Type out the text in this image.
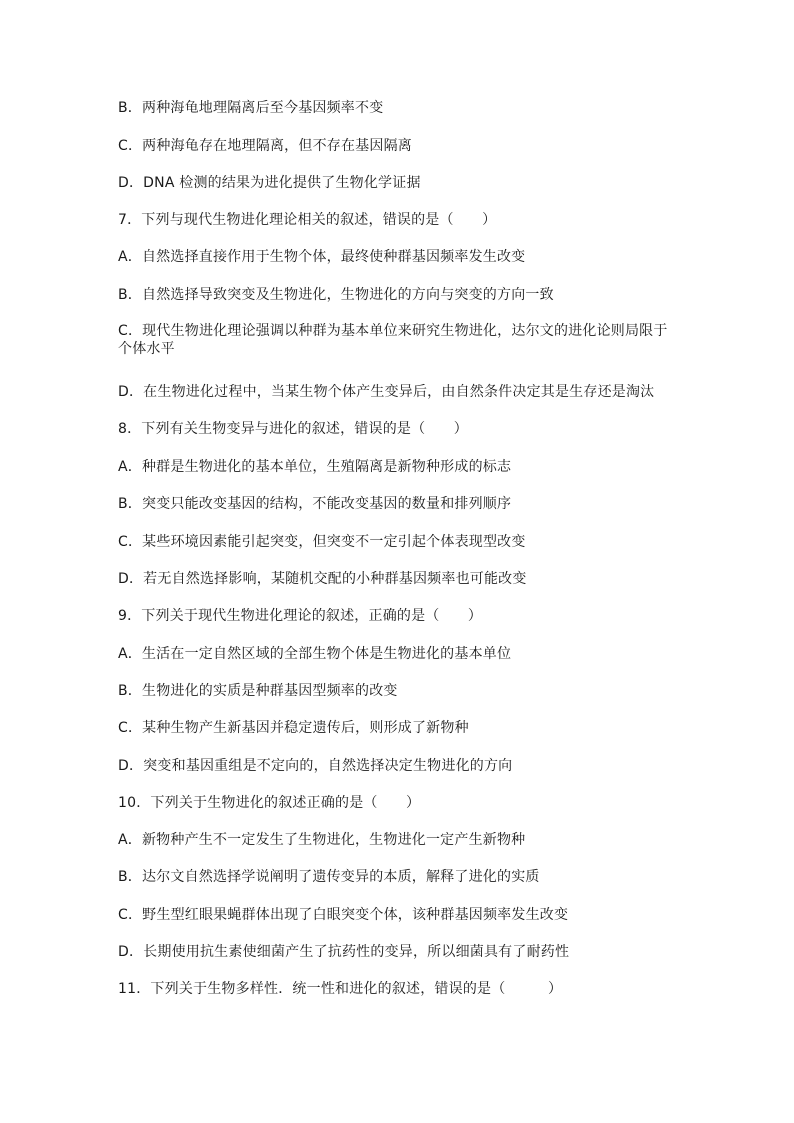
B．两种海龟地理隔离后至今基因频率不变
C．两种海龟存在地理隔离，但不存在基因隔离
D．DNA 检测的结果为进化提供了生物化学证据
7．下列与现代生物进化理论相关的叙述，错误的是（　　）
A．自然选择直接作用于生物个体，最终使种群基因频率发生改变
B．自然选择导致突变及生物进化，生物进化的方向与突变的方向一致
C．现代生物进化理论强调以种群为基本单位来研究生物进化，达尔文的进化论则局限于个体水平
D．在生物进化过程中，当某生物个体产生变异后，由自然条件决定其是生存还是淘汰
8．下列有关生物变异与进化的叙述，错误的是（　　）
A．种群是生物进化的基本单位，生殖隔离是新物种形成的标志
B．突变只能改变基因的结构，不能改变基因的数量和排列顺序
C．某些环境因素能引起突变，但突变不一定引起个体表现型改变
D．若无自然选择影响，某随机交配的小种群基因频率也可能改变
9．下列关于现代生物进化理论的叙述，正确的是（　　）
A．生活在一定自然区域的全部生物个体是生物进化的基本单位
B．生物进化的实质是种群基因型频率的改变
C．某种生物产生新基因并稳定遗传后，则形成了新物种
D．突变和基因重组是不定向的，自然选择决定生物进化的方向
10．下列关于生物进化的叙述正确的是（　　）
A．新物种产生不一定发生了生物进化，生物进化一定产生新物种
B．达尔文自然选择学说阐明了遗传变异的本质，解释了进化的实质
C．野生型红眼果蝇群体出现了白眼突变个体，该种群基因频率发生改变
D．长期使用抗生素使细菌产生了抗药性的变异，所以细菌具有了耐药性
11．下列关于生物多样性．统一性和进化的叙述，错误的是（　　　）
